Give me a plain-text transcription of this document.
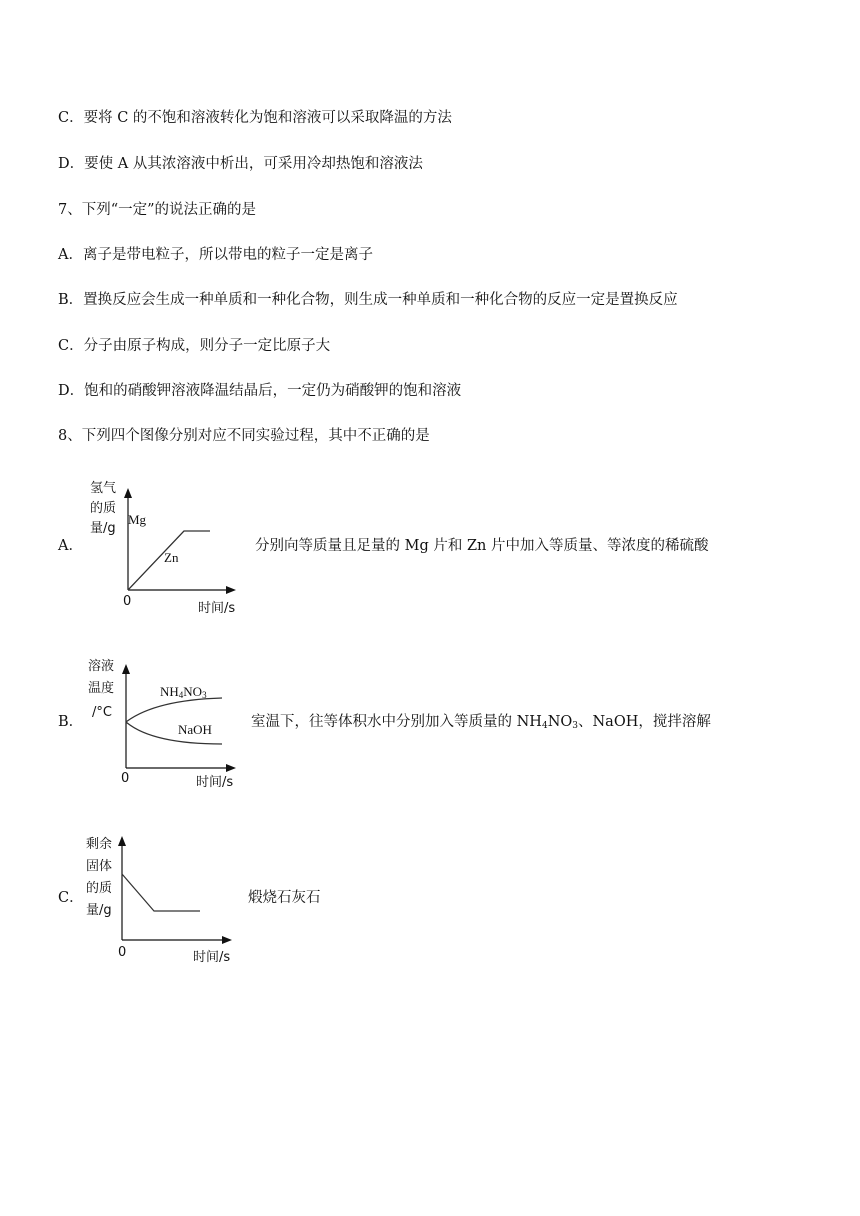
C．要将 C 的不饱和溶液转化为饱和溶液可以采取降温的方法
D．要使 A 从其浓溶液中析出，可采用冷却热饱和溶液法
7、下列“一定”的说法正确的是
A．离子是带电粒子，所以带电的粒子一定是离子
B．置换反应会生成一种单质和一种化合物，则生成一种单质和一种化合物的反应一定是置换反应
C．分子由原子构成，则分子一定比原子大
D．饱和的硝酸钾溶液降温结晶后，一定仍为硝酸钾的饱和溶液
8、下列四个图像分别对应不同实验过程，其中不正确的是
A．
氢气
的质
量/g
Mg
Zn
0	时间/s
分别向等质量且足量的 Mg 片和 Zn 片中加入等质量、等浓度的稀硫酸
B．
溶液
温度
/°C
NH4NO3
NaOH
0	时间/s
室温下，往等体积水中分别加入等质量的 $NH_4NO_3$、NaOH，搅拌溶解
C．
剩余
固体
的质
量/g
0	时间/s
煅烧石灰石
